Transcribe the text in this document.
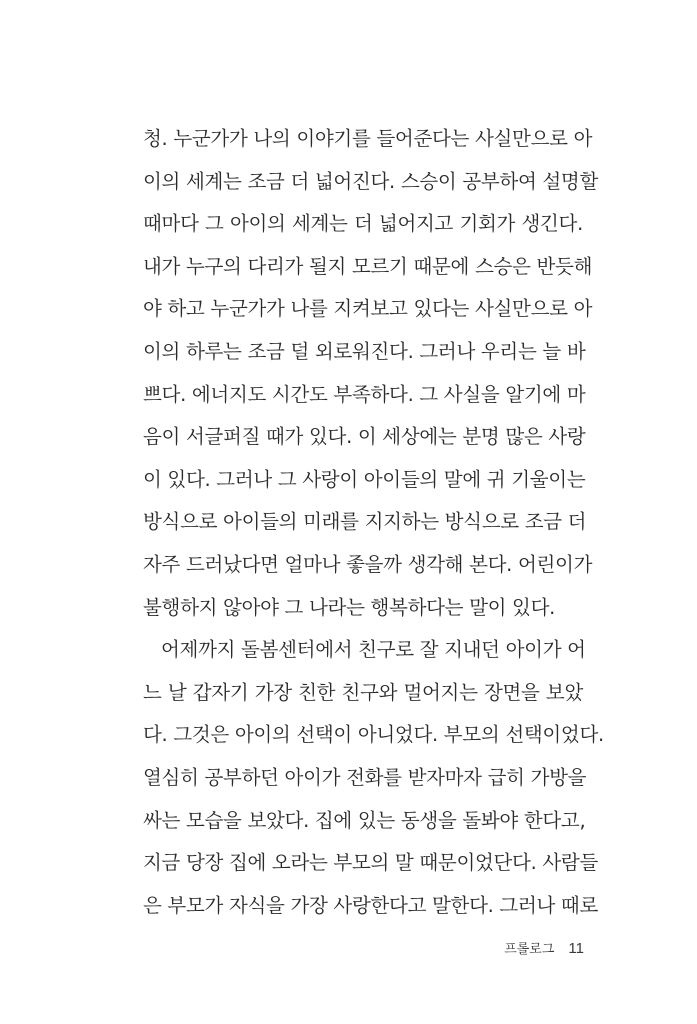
청. 누군가가 나의 이야기를 들어준다는 사실만으로 아
이의 세계는 조금 더 넓어진다. 스승이 공부하여 설명할
때마다 그 아이의 세계는 더 넓어지고 기회가 생긴다.
내가 누구의 다리가 될지 모르기 때문에 스승은 반듯해
야 하고 누군가가 나를 지켜보고 있다는 사실만으로 아
이의 하루는 조금 덜 외로워진다. 그러나 우리는 늘 바
쁘다. 에너지도 시간도 부족하다. 그 사실을 알기에 마
음이 서글퍼질 때가 있다. 이 세상에는 분명 많은 사랑
이 있다. 그러나 그 사랑이 아이들의 말에 귀 기울이는
방식으로 아이들의 미래를 지지하는 방식으로 조금 더
자주 드러났다면 얼마나 좋을까 생각해 본다. 어린이가
불행하지 않아야 그 나라는 행복하다는 말이 있다.
어제까지 돌봄센터에서 친구로 잘 지내던 아이가 어
느 날 갑자기 가장 친한 친구와 멀어지는 장면을 보았
다. 그것은 아이의 선택이 아니었다. 부모의 선택이었다.
열심히 공부하던 아이가 전화를 받자마자 급히 가방을
싸는 모습을 보았다. 집에 있는 동생을 돌봐야 한다고,
지금 당장 집에 오라는 부모의 말 때문이었단다. 사람들
은 부모가 자식을 가장 사랑한다고 말한다. 그러나 때로
프롤로그 11
